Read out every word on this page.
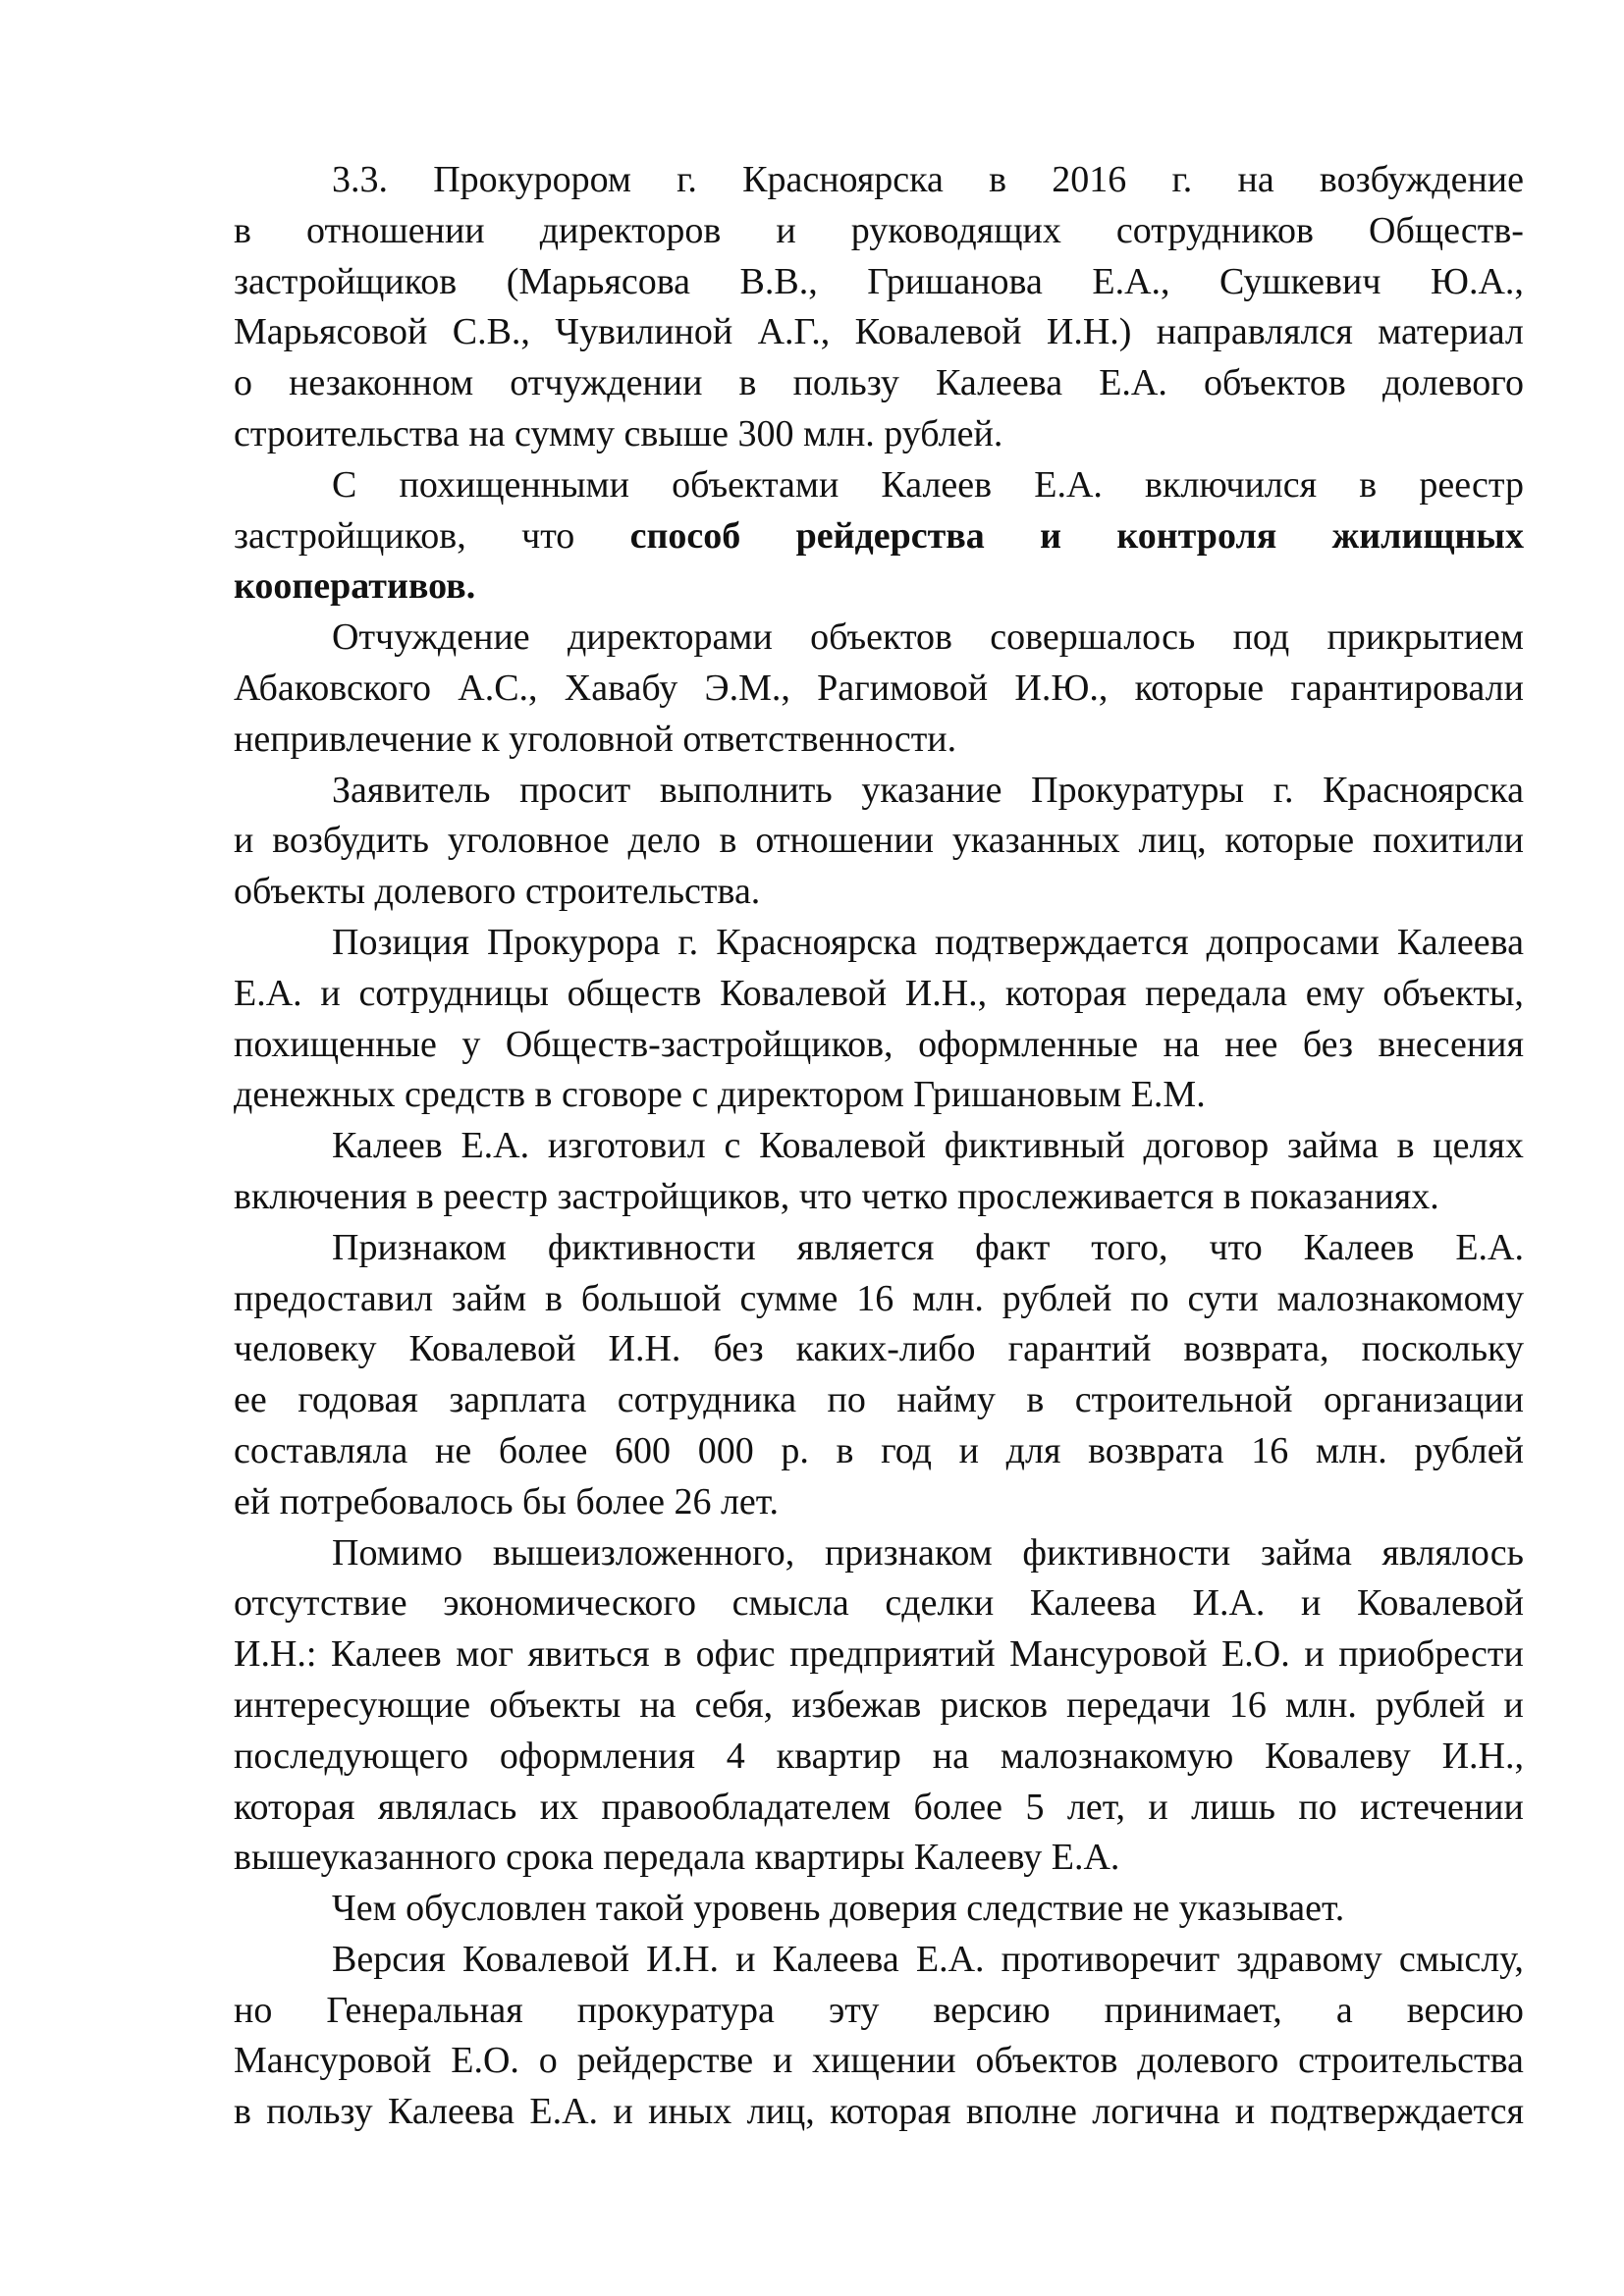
3.3. Прокурором г. Красноярска в 2016 г. на возбуждение
в отношении директоров и руководящих сотрудников Обществ-
застройщиков (Марьясова В.В., Гришанова Е.А., Сушкевич Ю.А.,
Марьясовой С.В., Чувилиной А.Г., Ковалевой И.Н.) направлялся материал
о незаконном отчуждении в пользу Калеева Е.А. объектов долевого
строительства на сумму свыше 300 млн. рублей.
С похищенными объектами Калеев Е.А. включился в реестр
застройщиков, что способ рейдерства и контроля жилищных
кооперативов.
Отчуждение директорами объектов совершалось под прикрытием
Абаковского А.С., Хавабу Э.М., Рагимовой И.Ю., которые гарантировали
непривлечение к уголовной ответственности.
Заявитель просит выполнить указание Прокуратуры г. Красноярска
и возбудить уголовное дело в отношении указанных лиц, которые похитили
объекты долевого строительства.
Позиция Прокурора г. Красноярска подтверждается допросами Калеева
Е.А. и сотрудницы обществ Ковалевой И.Н., которая передала ему объекты,
похищенные у Обществ-застройщиков, оформленные на нее без внесения
денежных средств в сговоре с директором Гришановым Е.М.
Калеев Е.А. изготовил с Ковалевой фиктивный договор займа в целях
включения в реестр застройщиков, что четко прослеживается в показаниях.
Признаком фиктивности является факт того, что Калеев Е.А.
предоставил займ в большой сумме 16 млн. рублей по сути малознакомому
человеку Ковалевой И.Н. без каких-либо гарантий возврата, поскольку
ее годовая зарплата сотрудника по найму в строительной организации
составляла не более 600 000 р. в год и для возврата 16 млн. рублей
ей потребовалось бы более 26 лет.
Помимо вышеизложенного, признаком фиктивности займа являлось
отсутствие экономического смысла сделки Калеева И.А. и Ковалевой
И.Н.: Калеев мог явиться в офис предприятий Мансуровой Е.О. и приобрести
интересующие объекты на себя, избежав рисков передачи 16 млн. рублей и
последующего оформления 4 квартир на малознакомую Ковалеву И.Н.,
которая являлась их правообладателем более 5 лет, и лишь по истечении
вышеуказанного срока передала квартиры Калееву Е.А.
Чем обусловлен такой уровень доверия следствие не указывает.
Версия Ковалевой И.Н. и Калеева Е.А. противоречит здравому смыслу,
но Генеральная прокуратура эту версию принимает, а версию
Мансуровой Е.О. о рейдерстве и хищении объектов долевого строительства
в пользу Калеева Е.А. и иных лиц, которая вполне логична и подтверждается
